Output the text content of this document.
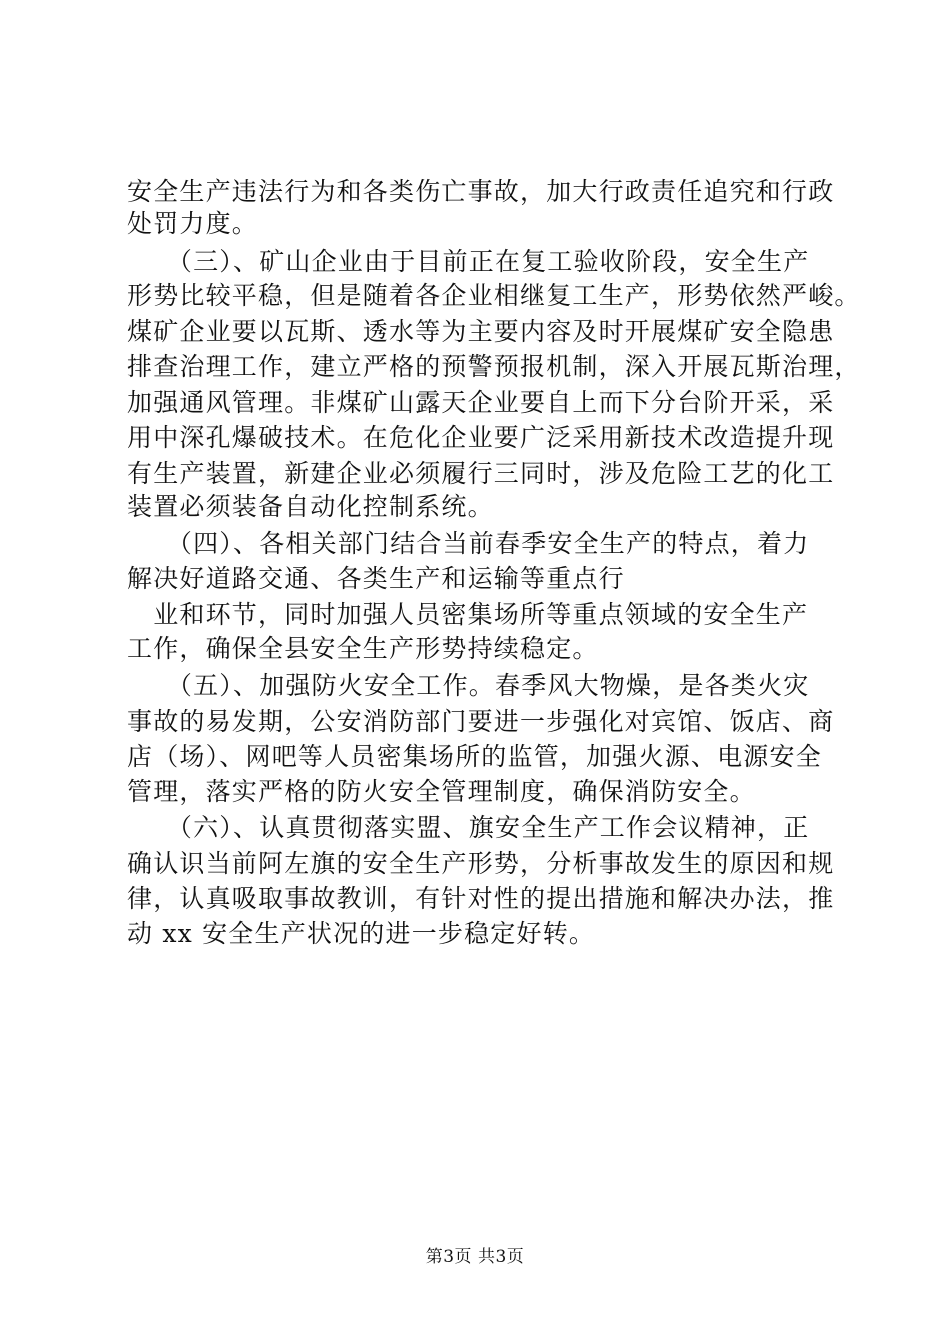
安全生产违法行为和各类伤亡事故，加大行政责任追究和行政
处罚力度。
　　（三）、矿山企业由于目前正在复工验收阶段，安全生产
形势比较平稳，但是随着各企业相继复工生产，形势依然严峻。
煤矿企业要以瓦斯、透水等为主要内容及时开展煤矿安全隐患
排查治理工作，建立严格的预警预报机制，深入开展瓦斯治理，
加强通风管理。非煤矿山露天企业要自上而下分台阶开采，采
用中深孔爆破技术。在危化企业要广泛采用新技术改造提升现
有生产装置，新建企业必须履行三同时，涉及危险工艺的化工
装置必须装备自动化控制系统。
　　（四）、各相关部门结合当前春季安全生产的特点，着力
解决好道路交通、各类生产和运输等重点行
　业和环节，同时加强人员密集场所等重点领域的安全生产
工作，确保全县安全生产形势持续稳定。
　　（五）、加强防火安全工作。春季风大物燥，是各类火灾
事故的易发期，公安消防部门要进一步强化对宾馆、饭店、商
店（场）、网吧等人员密集场所的监管，加强火源、电源安全
管理，落实严格的防火安全管理制度，确保消防安全。
　　（六）、认真贯彻落实盟、旗安全生产工作会议精神，正
确认识当前阿左旗的安全生产形势，分析事故发生的原因和规
律，认真吸取事故教训，有针对性的提出措施和解决办法，推
动 xx 安全生产状况的进一步稳定好转。
第3页 共3页
